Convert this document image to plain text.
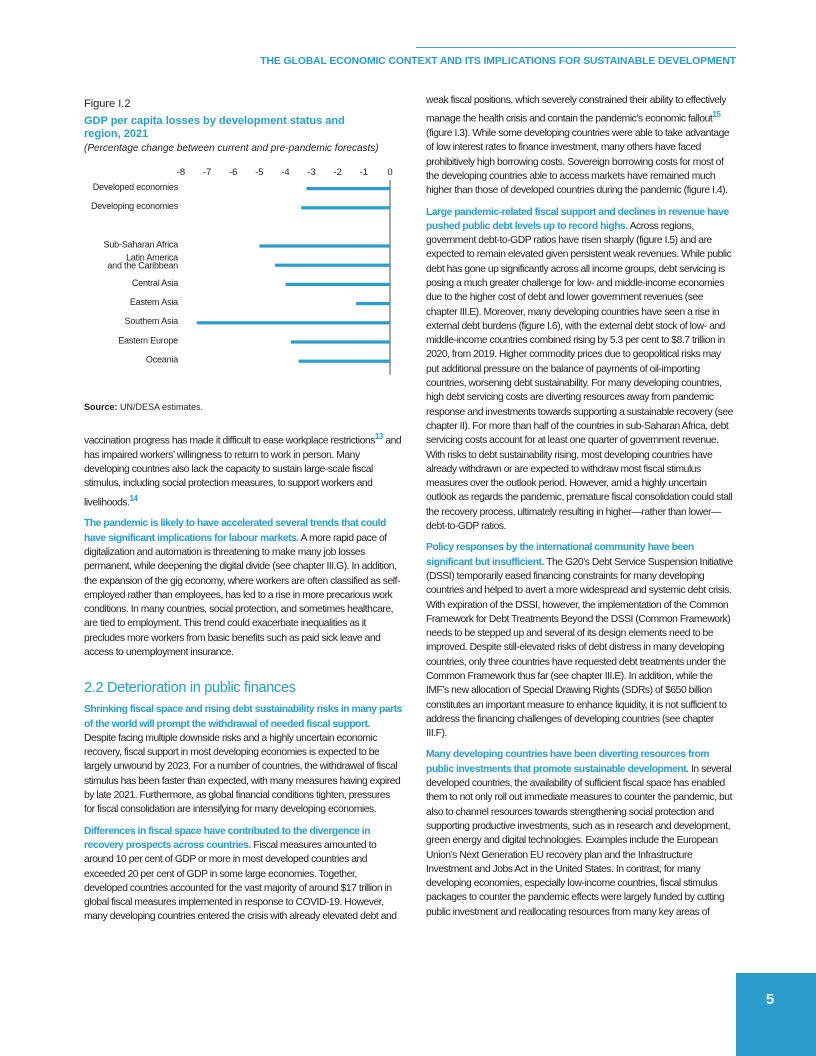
THE GLOBAL ECONOMIC CONTEXT AND ITS IMPLICATIONS FOR SUSTAINABLE DEVELOPMENT
Figure I.2
GDP per capita losses by development status and region, 2021
(Percentage change between current and pre-pandemic forecasts)
-8 -7 -6 -5 -4 -3 -2 -1 0
Developed economies
Developing economies
Sub-Saharan Africa
Latin America
and the Caribbean
Central Asia
Eastern Asia
Southern Asia
Eastern Europe
Oceania
Source: UN/DESA estimates.

vaccination progress has made it difficult to ease workplace restrictions$^{13}$ and has impaired workers’ willingness to return to work in person. Many developing countries also lack the capacity to sustain large-scale fiscal stimulus, including social protection measures, to support workers and livelihoods.$^{14}$

The pandemic is likely to have accelerated several trends that could have significant implications for labour markets. A more rapid pace of digitalization and automation is threatening to make many job losses permanent, while deepening the digital divide (see chapter III.G). In addition, the expansion of the gig economy, where workers are often classified as self-employed rather than employees, has led to a rise in more precarious work conditions. In many countries, social protection, and sometimes healthcare, are tied to employment. This trend could exacerbate inequalities as it precludes more workers from basic benefits such as paid sick leave and access to unemployment insurance.

2.2 Deterioration in public finances

Shrinking fiscal space and rising debt sustainability risks in many parts of the world will prompt the withdrawal of needed fiscal support. Despite facing multiple downside risks and a highly uncertain economic recovery, fiscal support in most developing economies is expected to be largely unwound by 2023. For a number of countries, the withdrawal of fiscal stimulus has been faster than expected, with many measures having expired by late 2021. Furthermore, as global financial conditions tighten, pressures for fiscal consolidation are intensifying for many developing economies.

Differences in fiscal space have contributed to the divergence in recovery prospects across countries. Fiscal measures amounted to around 10 per cent of GDP or more in most developed countries and exceeded 20 per cent of GDP in some large economies. Together, developed countries accounted for the vast majority of around $17 trillion in global fiscal measures implemented in response to COVID-19. However, many developing countries entered the crisis with already elevated debt and

weak fiscal positions, which severely constrained their ability to effectively manage the health crisis and contain the pandemic’s economic fallout$^{15}$ (figure I.3). While some developing countries were able to take advantage of low interest rates to finance investment, many others have faced prohibitively high borrowing costs. Sovereign borrowing costs for most of the developing countries able to access markets have remained much higher than those of developed countries during the pandemic (figure I.4).

Large pandemic-related fiscal support and declines in revenue have pushed public debt levels up to record highs. Across regions, government debt-to-GDP ratios have risen sharply (figure I.5) and are expected to remain elevated given persistent weak revenues. While public debt has gone up significantly across all income groups, debt servicing is posing a much greater challenge for low- and middle-income economies due to the higher cost of debt and lower government revenues (see chapter III.E). Moreover, many developing countries have seen a rise in external debt burdens (figure I.6), with the external debt stock of low- and middle-income countries combined rising by 5.3 per cent to $8.7 trillion in 2020, from 2019. Higher commodity prices due to geopolitical risks may put additional pressure on the balance of payments of oil-importing countries, worsening debt sustainability. For many developing countries, high debt servicing costs are diverting resources away from pandemic response and investments towards supporting a sustainable recovery (see chapter II). For more than half of the countries in sub-Saharan Africa, debt servicing costs account for at least one quarter of government revenue. With risks to debt sustainability rising, most developing countries have already withdrawn or are expected to withdraw most fiscal stimulus measures over the outlook period. However, amid a highly uncertain outlook as regards the pandemic, premature fiscal consolidation could stall the recovery process, ultimately resulting in higher—rather than lower—debt-to-GDP ratios.

Policy responses by the international community have been significant but insufficient. The G20’s Debt Service Suspension Initiative (DSSI) temporarily eased financing constraints for many developing countries and helped to avert a more widespread and systemic debt crisis. With expiration of the DSSI, however, the implementation of the Common Framework for Debt Treatments Beyond the DSSI (Common Framework) needs to be stepped up and several of its design elements need to be improved. Despite still-elevated risks of debt distress in many developing countries, only three countries have requested debt treatments under the Common Framework thus far (see chapter III.E). In addition, while the IMF’s new allocation of Special Drawing Rights (SDRs) of $650 billion constitutes an important measure to enhance liquidity, it is not sufficient to address the financing challenges of developing countries (see chapter III.F).

Many developing countries have been diverting resources from public investments that promote sustainable development. In several developed countries, the availability of sufficient fiscal space has enabled them to not only roll out immediate measures to counter the pandemic, but also to channel resources towards strengthening social protection and supporting productive investments, such as in research and development, green energy and digital technologies. Examples include the European Union’s Next Generation EU recovery plan and the Infrastructure Investment and Jobs Act in the United States. In contrast, for many developing economies, especially low-income countries, fiscal stimulus packages to counter the pandemic effects were largely funded by cutting public investment and reallocating resources from many key areas of

5
